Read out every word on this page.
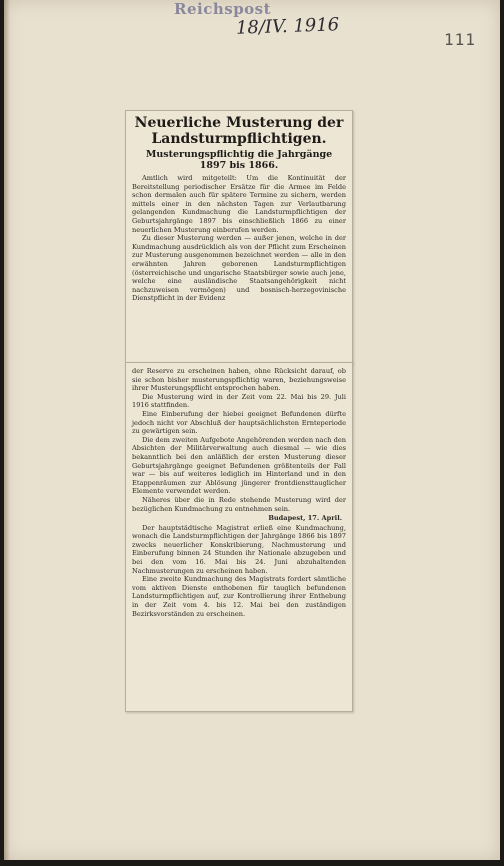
Reichspost
18/IV. 1916
111
Neuerliche Musterung der Landsturmpflichtigen.
Musterungspflichtig die Jahrgänge 1897 bis 1866.

Amtlich wird mitgeteilt: Um die Kontinuität der Bereitstellung periodischer Ersätze für die Armee im Felde schon dermalen auch für spätere Termine zu sichern, werden mittels einer in den nächsten Tagen zur Verlautbarung gelangenden Kundmachung die Landsturmpflichtigen der Geburtsjahrgänge 1897 bis einschließlich 1866 zu einer neuerlichen Musterung einberufen werden.

Zu dieser Musterung werden — außer jenen, welche in der Kundmachung ausdrücklich als von der Pflicht zum Erscheinen zur Musterung ausgenommen bezeichnet werden — alle in den erwähnten Jahren geborenen Landsturmpflichtigen (österreichische und ungarische Staatsbürger sowie auch jene, welche eine ausländische Staatsangehörigkeit nicht nachzuweisen vermögen) und bosnisch-herzegovinische Dienstpflicht in der Evidenz

der Reserve zu erscheinen haben, ohne Rücksicht darauf, ob sie schon bisher musterungspflichtig waren, beziehungsweise ihrer Musterungspflicht entsprochen haben.

Die Musterung wird in der Zeit vom 22. Mai bis 29. Juli 1916 stattfinden.

Eine Einberufung der hiebei geeignet Befundenen dürfte jedoch nicht vor Abschluß der hauptsächlichsten Ernteperiode zu gewärtigen sein.

Die dem zweiten Aufgebote Angehörenden werden nach den Absichten der Militärverwaltung auch diesmal — wie dies bekanntlich bei den anläßlich der ersten Musterung dieser Geburtsjahrgänge geeignet Befundenen größtenteils der Fall war — bis auf weiteres lediglich im Hinterland und in den Etappenräumen zur Ablösung jüngerer frontdiensttauglicher Elemente verwendet werden.

Näheres über die in Rede stehende Musterung wird der bezüglichen Kundmachung zu entnehmen sein.

Budapest, 17. April.

Der hauptstädtische Magistrat erließ eine Kundmachung, wonach die Landsturmpflichtigen der Jahrgänge 1866 bis 1897 zwecks neuerlicher Konskribierung, Nachmusterung und Einberufung binnen 24 Stunden ihr Nationale abzugeben und bei den vom 16. Mai bis 24. Juni abzuhaltenden Nachmusterungen zu erscheinen haben.

Eine zweite Kundmachung des Magistrats fordert sämtliche vom aktiven Dienste enthobenen für tauglich befundenen Landsturmpflichtigen auf, zur Kontrollierung ihrer Enthebung in der Zeit vom 4. bis 12. Mai bei den zuständigen Bezirksvorständen zu erscheinen.
